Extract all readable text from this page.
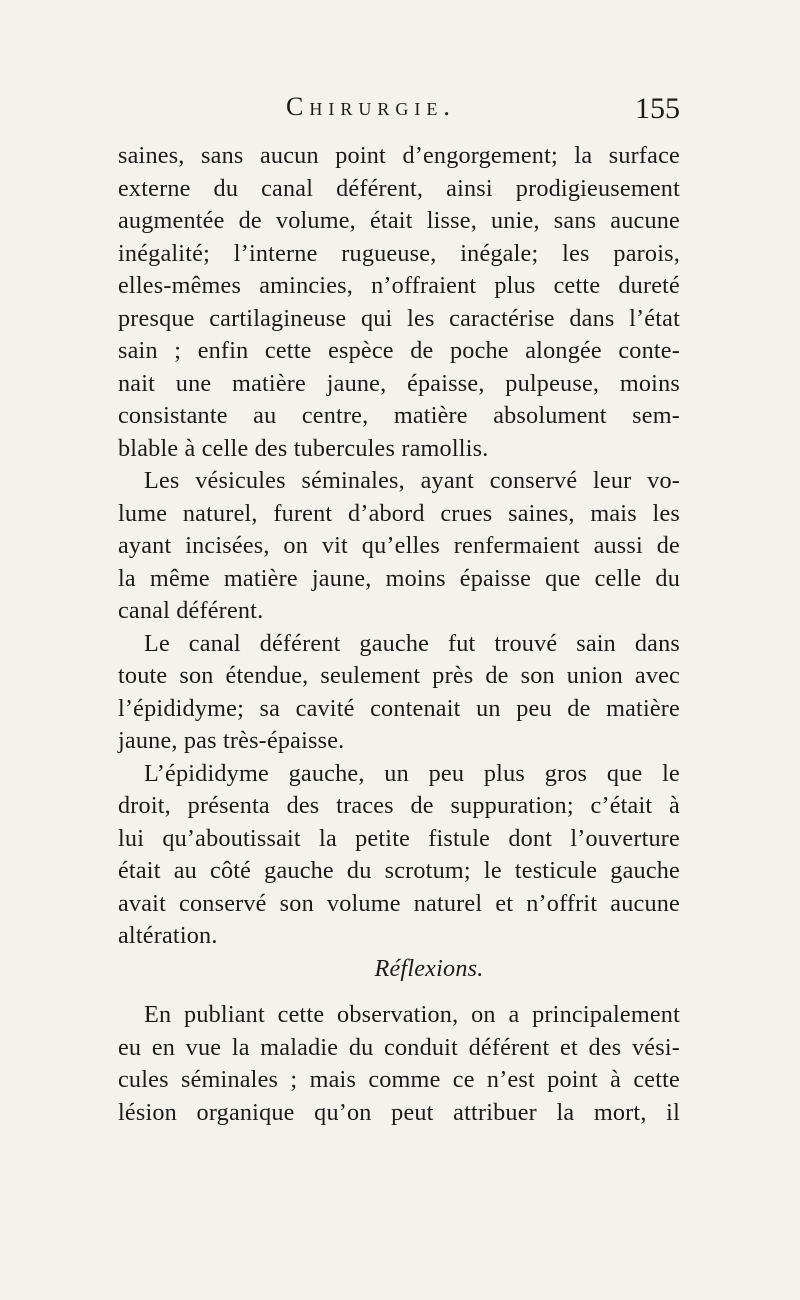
Chirurgie.	155
saines, sans aucun point d’engorgement; la surface
externe du canal déférent, ainsi prodigieusement
augmentée de volume, était lisse, unie, sans aucune
inégalité; l’interne rugueuse, inégale; les parois,
elles-mêmes amincies, n’offraient plus cette dureté
presque cartilagineuse qui les caractérise dans l’état
sain ; enfin cette espèce de poche alongée conte-
nait une matière jaune, épaisse, pulpeuse, moins
consistante au centre, matière absolument sem-
blable à celle des tubercules ramollis.
Les vésicules séminales, ayant conservé leur vo-
lume naturel, furent d’abord crues saines, mais les
ayant incisées, on vit qu’elles renfermaient aussi de
la même matière jaune, moins épaisse que celle du
canal déférent.
Le canal déférent gauche fut trouvé sain dans
toute son étendue, seulement près de son union avec
l’épididyme; sa cavité contenait un peu de matière
jaune, pas très-épaisse.
L’épididyme gauche, un peu plus gros que le
droit, présenta des traces de suppuration; c’était à
lui qu’aboutissait la petite fistule dont l’ouverture
était au côté gauche du scrotum; le testicule gauche
avait conservé son volume naturel et n’offrit aucune
altération.
Réflexions.
En publiant cette observation, on a principalement
eu en vue la maladie du conduit déférent et des vési-
cules séminales ; mais comme ce n’est point à cette
lésion organique qu’on peut attribuer la mort, il
